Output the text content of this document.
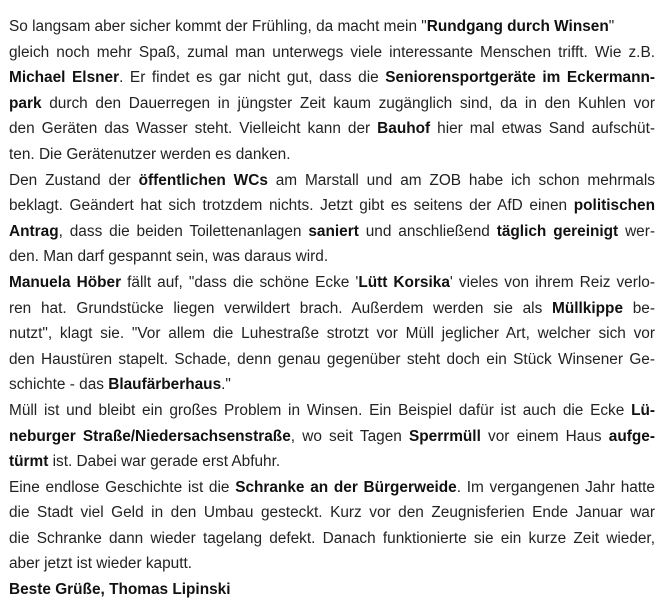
So langsam aber sicher kommt der Frühling, da macht mein "Rundgang durch Winsen"
gleich noch mehr Spaß, zumal man unterwegs viele interessante Menschen trifft. Wie z.B.
Michael Elsner. Er findet es gar nicht gut, dass die Seniorensportgeräte im Eckermann-
park durch den Dauerregen in jüngster Zeit kaum zugänglich sind, da in den Kuhlen vor
den Geräten das Wasser steht. Vielleicht kann der Bauhof hier mal etwas Sand aufschüt-
ten. Die Gerätenutzer werden es danken.
Den Zustand der öffentlichen WCs am Marstall und am ZOB habe ich schon mehrmals
beklagt. Geändert hat sich trotzdem nichts. Jetzt gibt es seitens der AfD einen politischen
Antrag, dass die beiden Toilettenanlagen saniert und anschließend täglich gereinigt wer-
den. Man darf gespannt sein, was daraus wird.
Manuela Höber fällt auf, "dass die schöne Ecke 'Lütt Korsika' vieles von ihrem Reiz verlo-
ren hat. Grundstücke liegen verwildert brach. Außerdem werden sie als Müllkippe be-
nutzt", klagt sie. "Vor allem die Luhestraße strotzt vor Müll jeglicher Art, welcher sich vor
den Haustüren stapelt. Schade, denn genau gegenüber steht doch ein Stück Winsener Ge-
schichte - das Blaufärberhaus."
Müll ist und bleibt ein großes Problem in Winsen. Ein Beispiel dafür ist auch die Ecke Lü-
neburger Straße/Niedersachsenstraße, wo seit Tagen Sperrmüll vor einem Haus aufge-
türmt ist. Dabei war gerade erst Abfuhr.
Eine endlose Geschichte ist die Schranke an der Bürgerweide. Im vergangenen Jahr hatte
die Stadt viel Geld in den Umbau gesteckt. Kurz vor den Zeugnisferien Ende Januar war
die Schranke dann wieder tagelang defekt. Danach funktionierte sie ein kurze Zeit wieder,
aber jetzt ist wieder kaputt.
Beste Grüße, Thomas Lipinski
